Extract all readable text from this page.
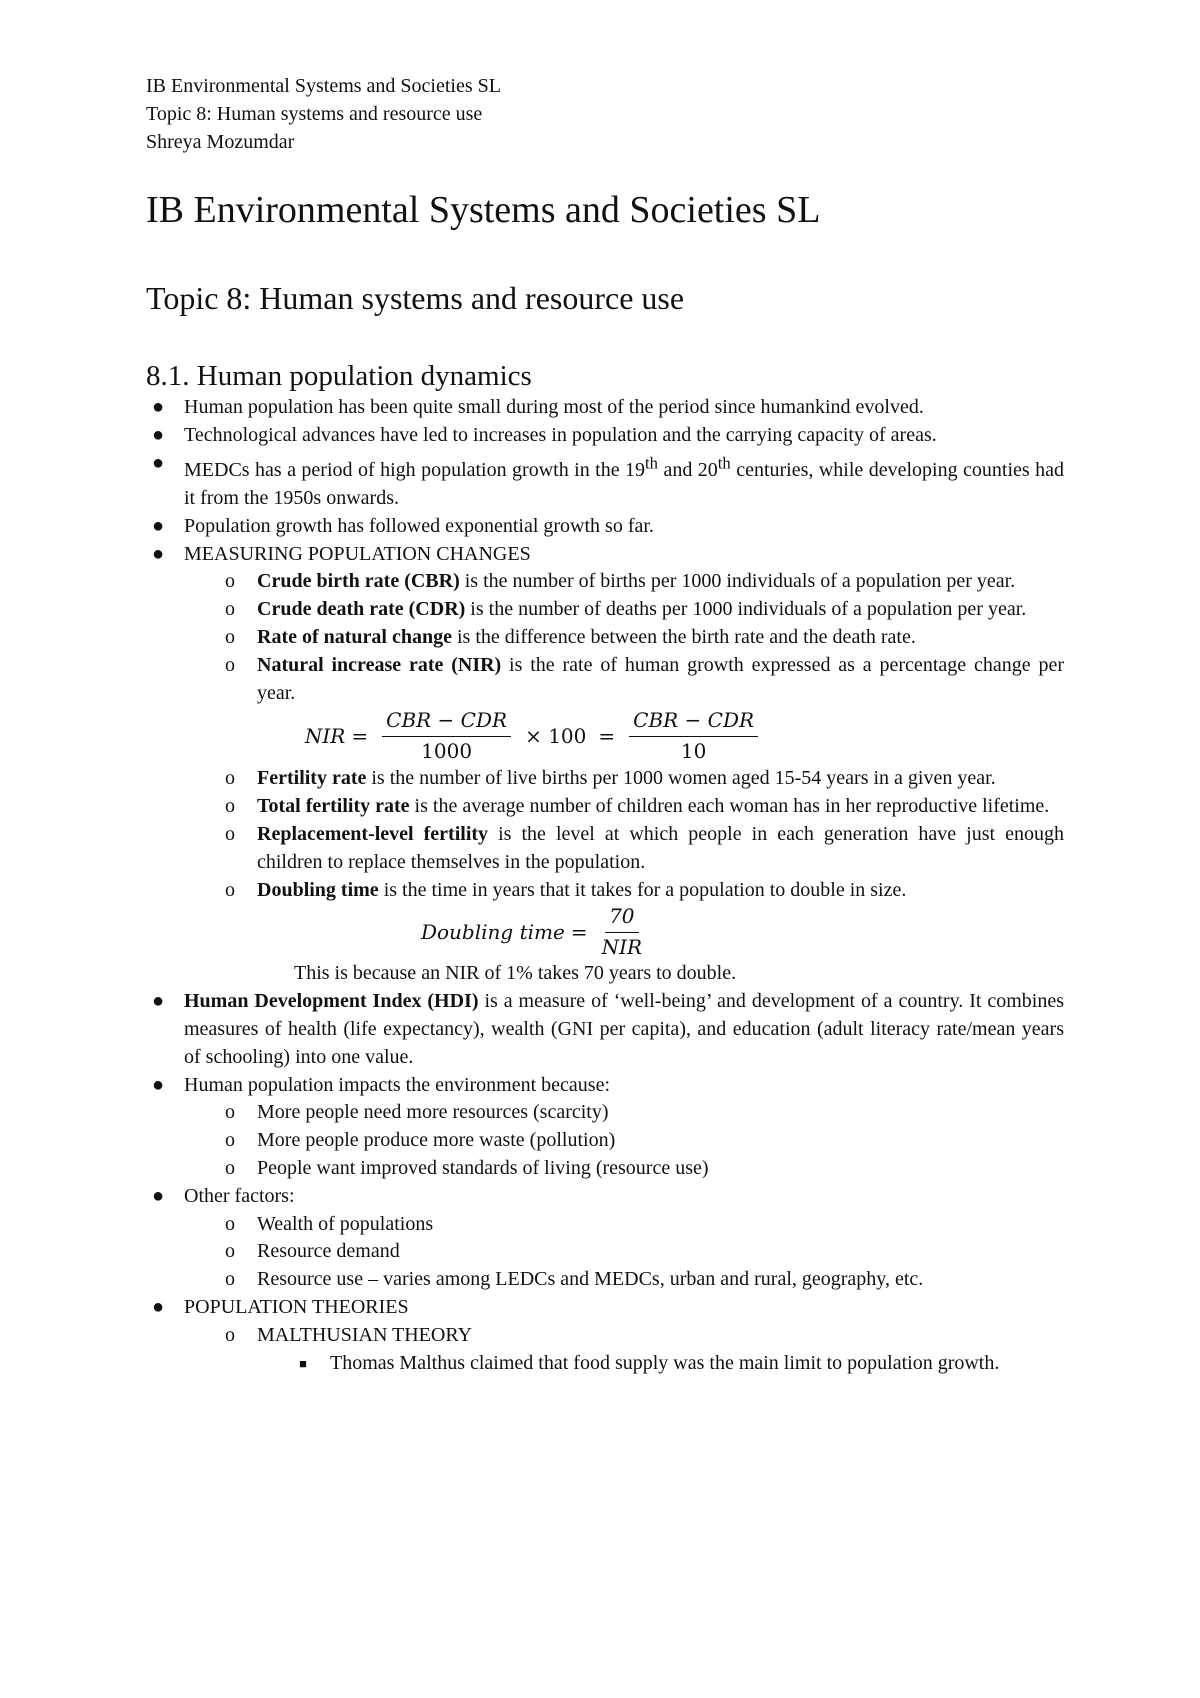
IB Environmental Systems and Societies SL
Topic 8: Human systems and resource use
Shreya Mozumdar
IB Environmental Systems and Societies SL
Topic 8: Human systems and resource use
8.1. Human population dynamics
● Human population has been quite small during most of the period since humankind evolved.
● Technological advances have led to increases in population and the carrying capacity of areas.
● MEDCs has a period of high population growth in the 19th and 20th centuries, while developing counties had it from the 1950s onwards.
● Population growth has followed exponential growth so far.
● MEASURING POPULATION CHANGES
o Crude birth rate (CBR) is the number of births per 1000 individuals of a population per year.
o Crude death rate (CDR) is the number of deaths per 1000 individuals of a population per year.
o Rate of natural change is the difference between the birth rate and the death rate.
o Natural increase rate (NIR) is the rate of human growth expressed as a percentage change per year.
NIR = $\frac{\text{CBR − CDR}}{1000} \times 100 = \frac{\text{CBR − CDR}}{10}$
o Fertility rate is the number of live births per 1000 women aged 15-54 years in a given year.
o Total fertility rate is the average number of children each woman has in her reproductive lifetime.
o Replacement-level fertility is the level at which people in each generation have just enough children to replace themselves in the population.
o Doubling time is the time in years that it takes for a population to double in size.
Doubling time = $\frac{70}{\text{NIR}}$
This is because an NIR of 1% takes 70 years to double.
● Human Development Index (HDI) is a measure of ‘well-being’ and development of a country. It combines measures of health (life expectancy), wealth (GNI per capita), and education (adult literacy rate/mean years of schooling) into one value.
● Human population impacts the environment because:
o More people need more resources (scarcity)
o More people produce more waste (pollution)
o People want improved standards of living (resource use)
● Other factors:
o Wealth of populations
o Resource demand
o Resource use – varies among LEDCs and MEDCs, urban and rural, geography, etc.
● POPULATION THEORIES
o MALTHUSIAN THEORY
■	Thomas Malthus claimed that food supply was the main limit to population growth.
